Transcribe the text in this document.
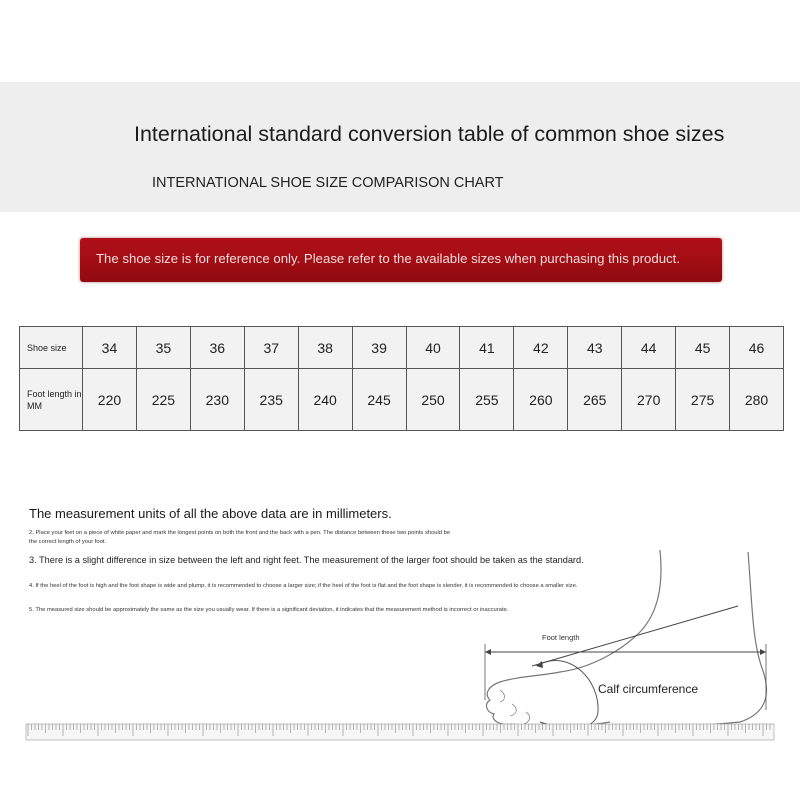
International standard conversion table of common shoe sizes
INTERNATIONAL SHOE SIZE COMPARISON CHART
The shoe size is for reference only. Please refer to the available sizes when purchasing this product.
Shoe size	34	35	36	37	38	39	40	41	42	43	44	45	46
Foot length in MM	220	225	230	235	240	245	250	255	260	265	270	275	280
The measurement units of all the above data are in millimeters.
2. Place your feet on a piece of white paper and mark the longest points on both the front and the back with a pen. The distance between these two points should be the correct length of your foot.
3. There is a slight difference in size between the left and right feet. The measurement of the larger foot should be taken as the standard.
4. If the heel of the foot is high and the foot shape is wide and plump, it is recommended to choose a larger size; if the heel of the foot is flat and the foot shape is slender, it is recommended to choose a smaller size.
5. The measured size should be approximately the same as the size you usually wear. If there is a significant deviation, it indicates that the measurement method is incorrect or inaccurate.
Foot length
Calf circumference
